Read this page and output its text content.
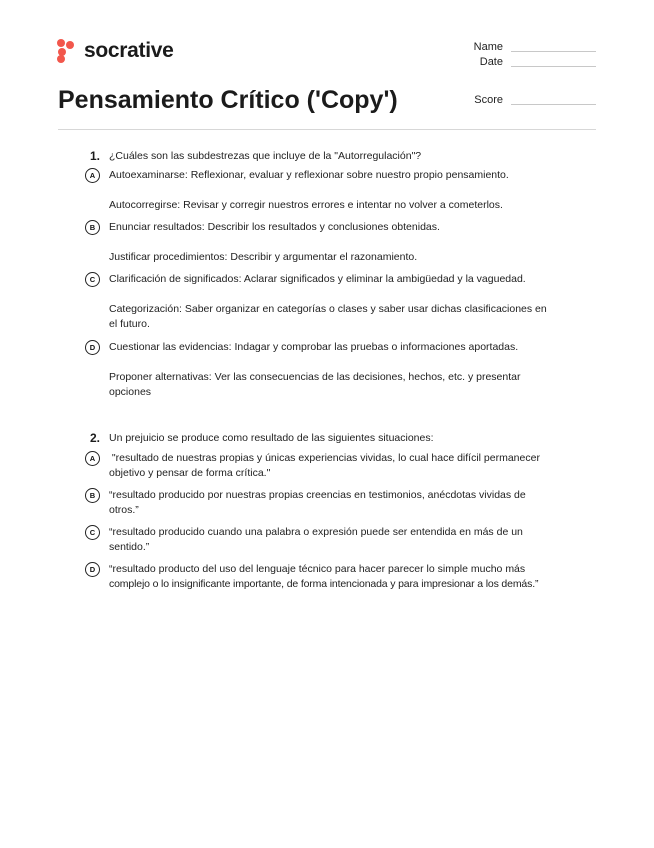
socrative
Pensamiento Crítico ('Copy')
Name
Date
Score
1. ¿Cuáles son las subdestrezas que incluye de la "Autorregulación"?
A	Autoexaminarse: Reflexionar, evaluar y reflexionar sobre nuestro propio pensamiento.
Autocorregirse: Revisar y corregir nuestros errores e intentar no volver a cometerlos.
B	Enunciar resultados: Describir los resultados y conclusiones obtenidas.
Justificar procedimientos: Describir y argumentar el razonamiento.
C	Clarificación de significados: Aclarar significados y eliminar la ambigüedad y la vaguedad.
Categorización: Saber organizar en categorías o clases y saber usar dichas clasificaciones en
el futuro.
D	Cuestionar las evidencias: Indagar y comprobar las pruebas o informaciones aportadas.
Proponer alternativas: Ver las consecuencias de las decisiones, hechos, etc. y presentar
opciones
2. Un prejuicio se produce como resultado de las siguientes situaciones:
A	"resultado de nuestras propias y únicas experiencias vividas, lo cual hace difícil permanecer
objetivo y pensar de forma crítica."
B	“resultado producido por nuestras propias creencias en testimonios, anécdotas vividas de
otros.”
C	“resultado producido cuando una palabra o expresión puede ser entendida en más de un
sentido.”
D	“resultado producto del uso del lenguaje técnico para hacer parecer lo simple mucho más
complejo o lo insignificante importante, de forma intencionada y para impresionar a los demás.”
